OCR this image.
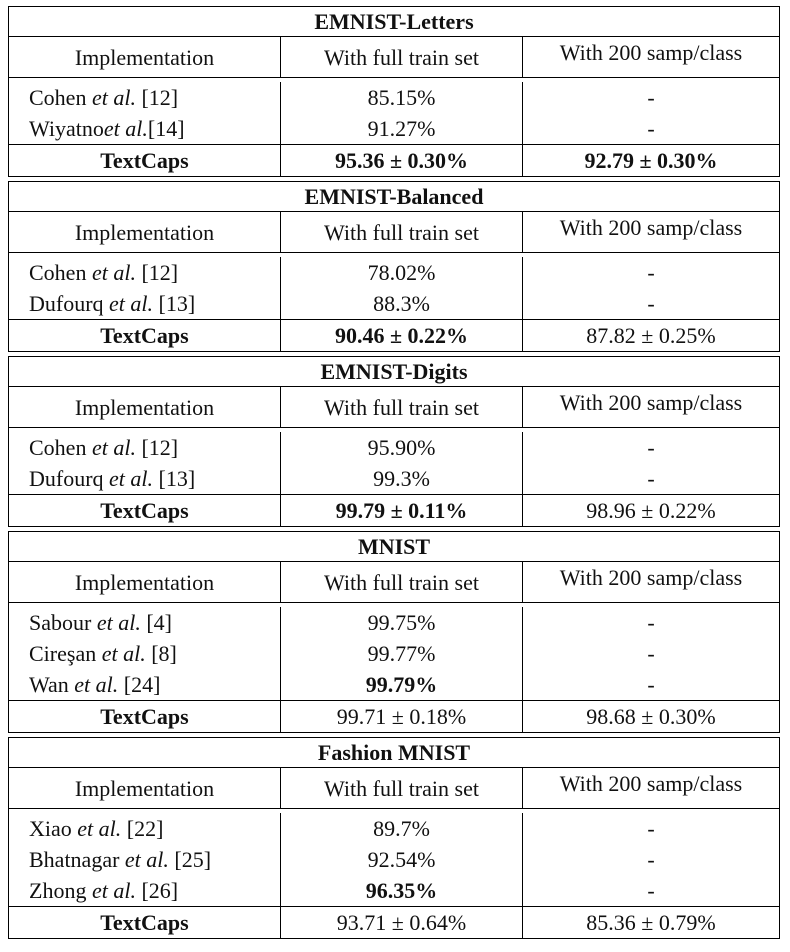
EMNIST-Letters
Implementation	With full train set	With 200 samp/class
Cohen et al. [12]	85.15%	-
Wiyatnoet al.[14]	91.27%	-
TextCaps	95.36 ± 0.30%	92.79 ± 0.30%
EMNIST-Balanced
Implementation	With full train set	With 200 samp/class
Cohen et al. [12]	78.02%	-
Dufourq et al. [13]	88.3%	-
TextCaps	90.46 ± 0.22%	87.82 ± 0.25%
EMNIST-Digits
Implementation	With full train set	With 200 samp/class
Cohen et al. [12]	95.90%	-
Dufourq et al. [13]	99.3%	-
TextCaps	99.79 ± 0.11%	98.96 ± 0.22%
MNIST
Implementation	With full train set	With 200 samp/class
Sabour et al. [4]	99.75%	-
Cireşan et al. [8]	99.77%	-
Wan et al. [24]	99.79%	-
TextCaps	99.71 ± 0.18%	98.68 ± 0.30%
Fashion MNIST
Implementation	With full train set	With 200 samp/class
Xiao et al. [22]	89.7%	-
Bhatnagar et al. [25]	92.54%	-
Zhong et al. [26]	96.35%	-
TextCaps	93.71 ± 0.64%	85.36 ± 0.79%
